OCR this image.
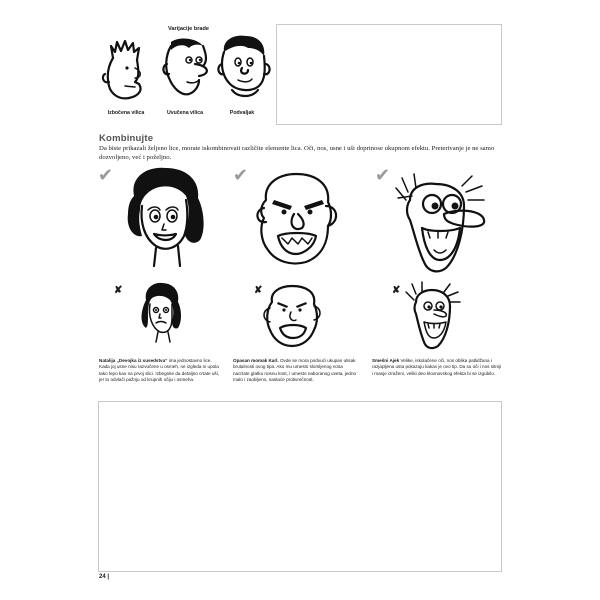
Varijacije brade
Izbočena vilica	Uvučena vilica	Podvaljak
Kombinujte
Da biste prikazali željeno lice, morate iskombinovati različite elemente lica. Oči, nos, usne i uši doprinose ukupnom efektu. Preterivanje je ne samo dozvoljeno, već i poželjno.
✔
✘
Natalija „Devojka iz susedstva“ ima jednostavno lice. Kada joj usne nisu razvučene u osmeh, ne izgleda ni upola tako lepo kao na prvoj slici. Izbegnite da detaljno crtate uši, jer to odvlači pažnju od krupnih očiju i osmeha.
✔
✘
Opasan momak Karl. Ovde se mora podvući ukupan utisak brutalnosti ovog tipa. Ako mu umesto slomljenog nosa nacrtate glatku nosnu kost, i umesto naboranog uveta, jedno malo i zaobljeno, nastaće protivrečnost.
✔
✘
Smešni Ajek Velike, iskolačene oči, nos oblika patlidžana i razjapljena usta pokazuju kakav je ovo tip. Da su oči i nos sitniji i manje izraženi, veliki deo klovnovskog efekta bi se izgubilo.
24 |
